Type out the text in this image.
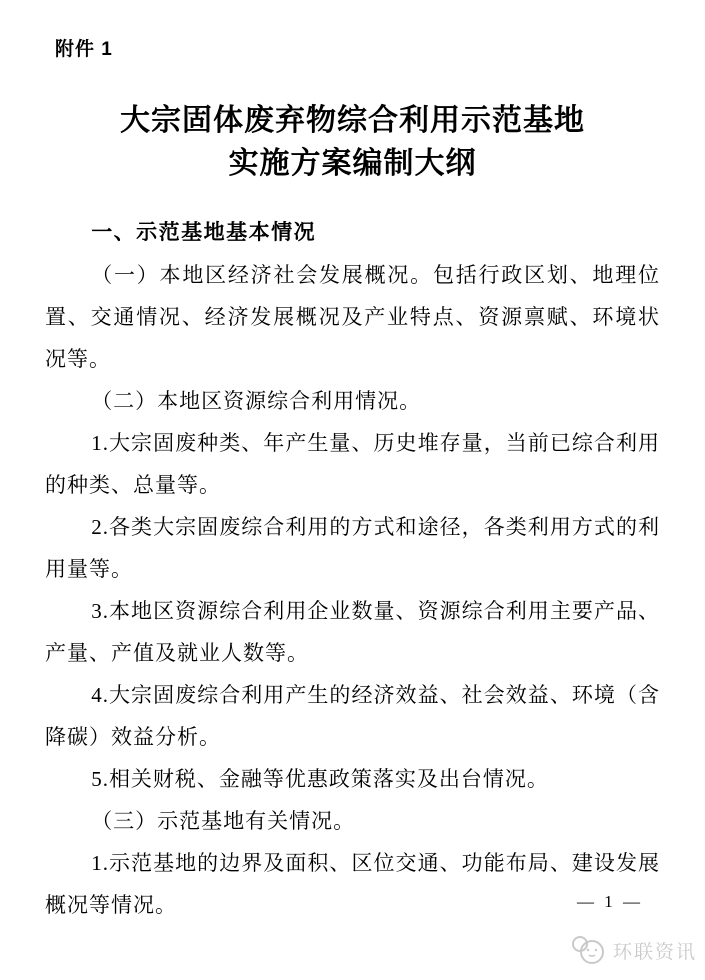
附件 1
大宗固体废弃物综合利用示范基地
实施方案编制大纲
一、示范基地基本情况

（一）本地区经济社会发展概况。包括行政区划、地理位置、交通情况、经济发展概况及产业特点、资源禀赋、环境状况等。

（二）本地区资源综合利用情况。

1.大宗固废种类、年产生量、历史堆存量，当前已综合利用的种类、总量等。

2.各类大宗固废综合利用的方式和途径，各类利用方式的利用量等。

3.本地区资源综合利用企业数量、资源综合利用主要产品、产量、产值及就业人数等。

4.大宗固废综合利用产生的经济效益、社会效益、环境（含降碳）效益分析。

5.相关财税、金融等优惠政策落实及出台情况。

（三）示范基地有关情况。

1.示范基地的边界及面积、区位交通、功能布局、建设发展概况等情况。	— 1 —
环联资讯
